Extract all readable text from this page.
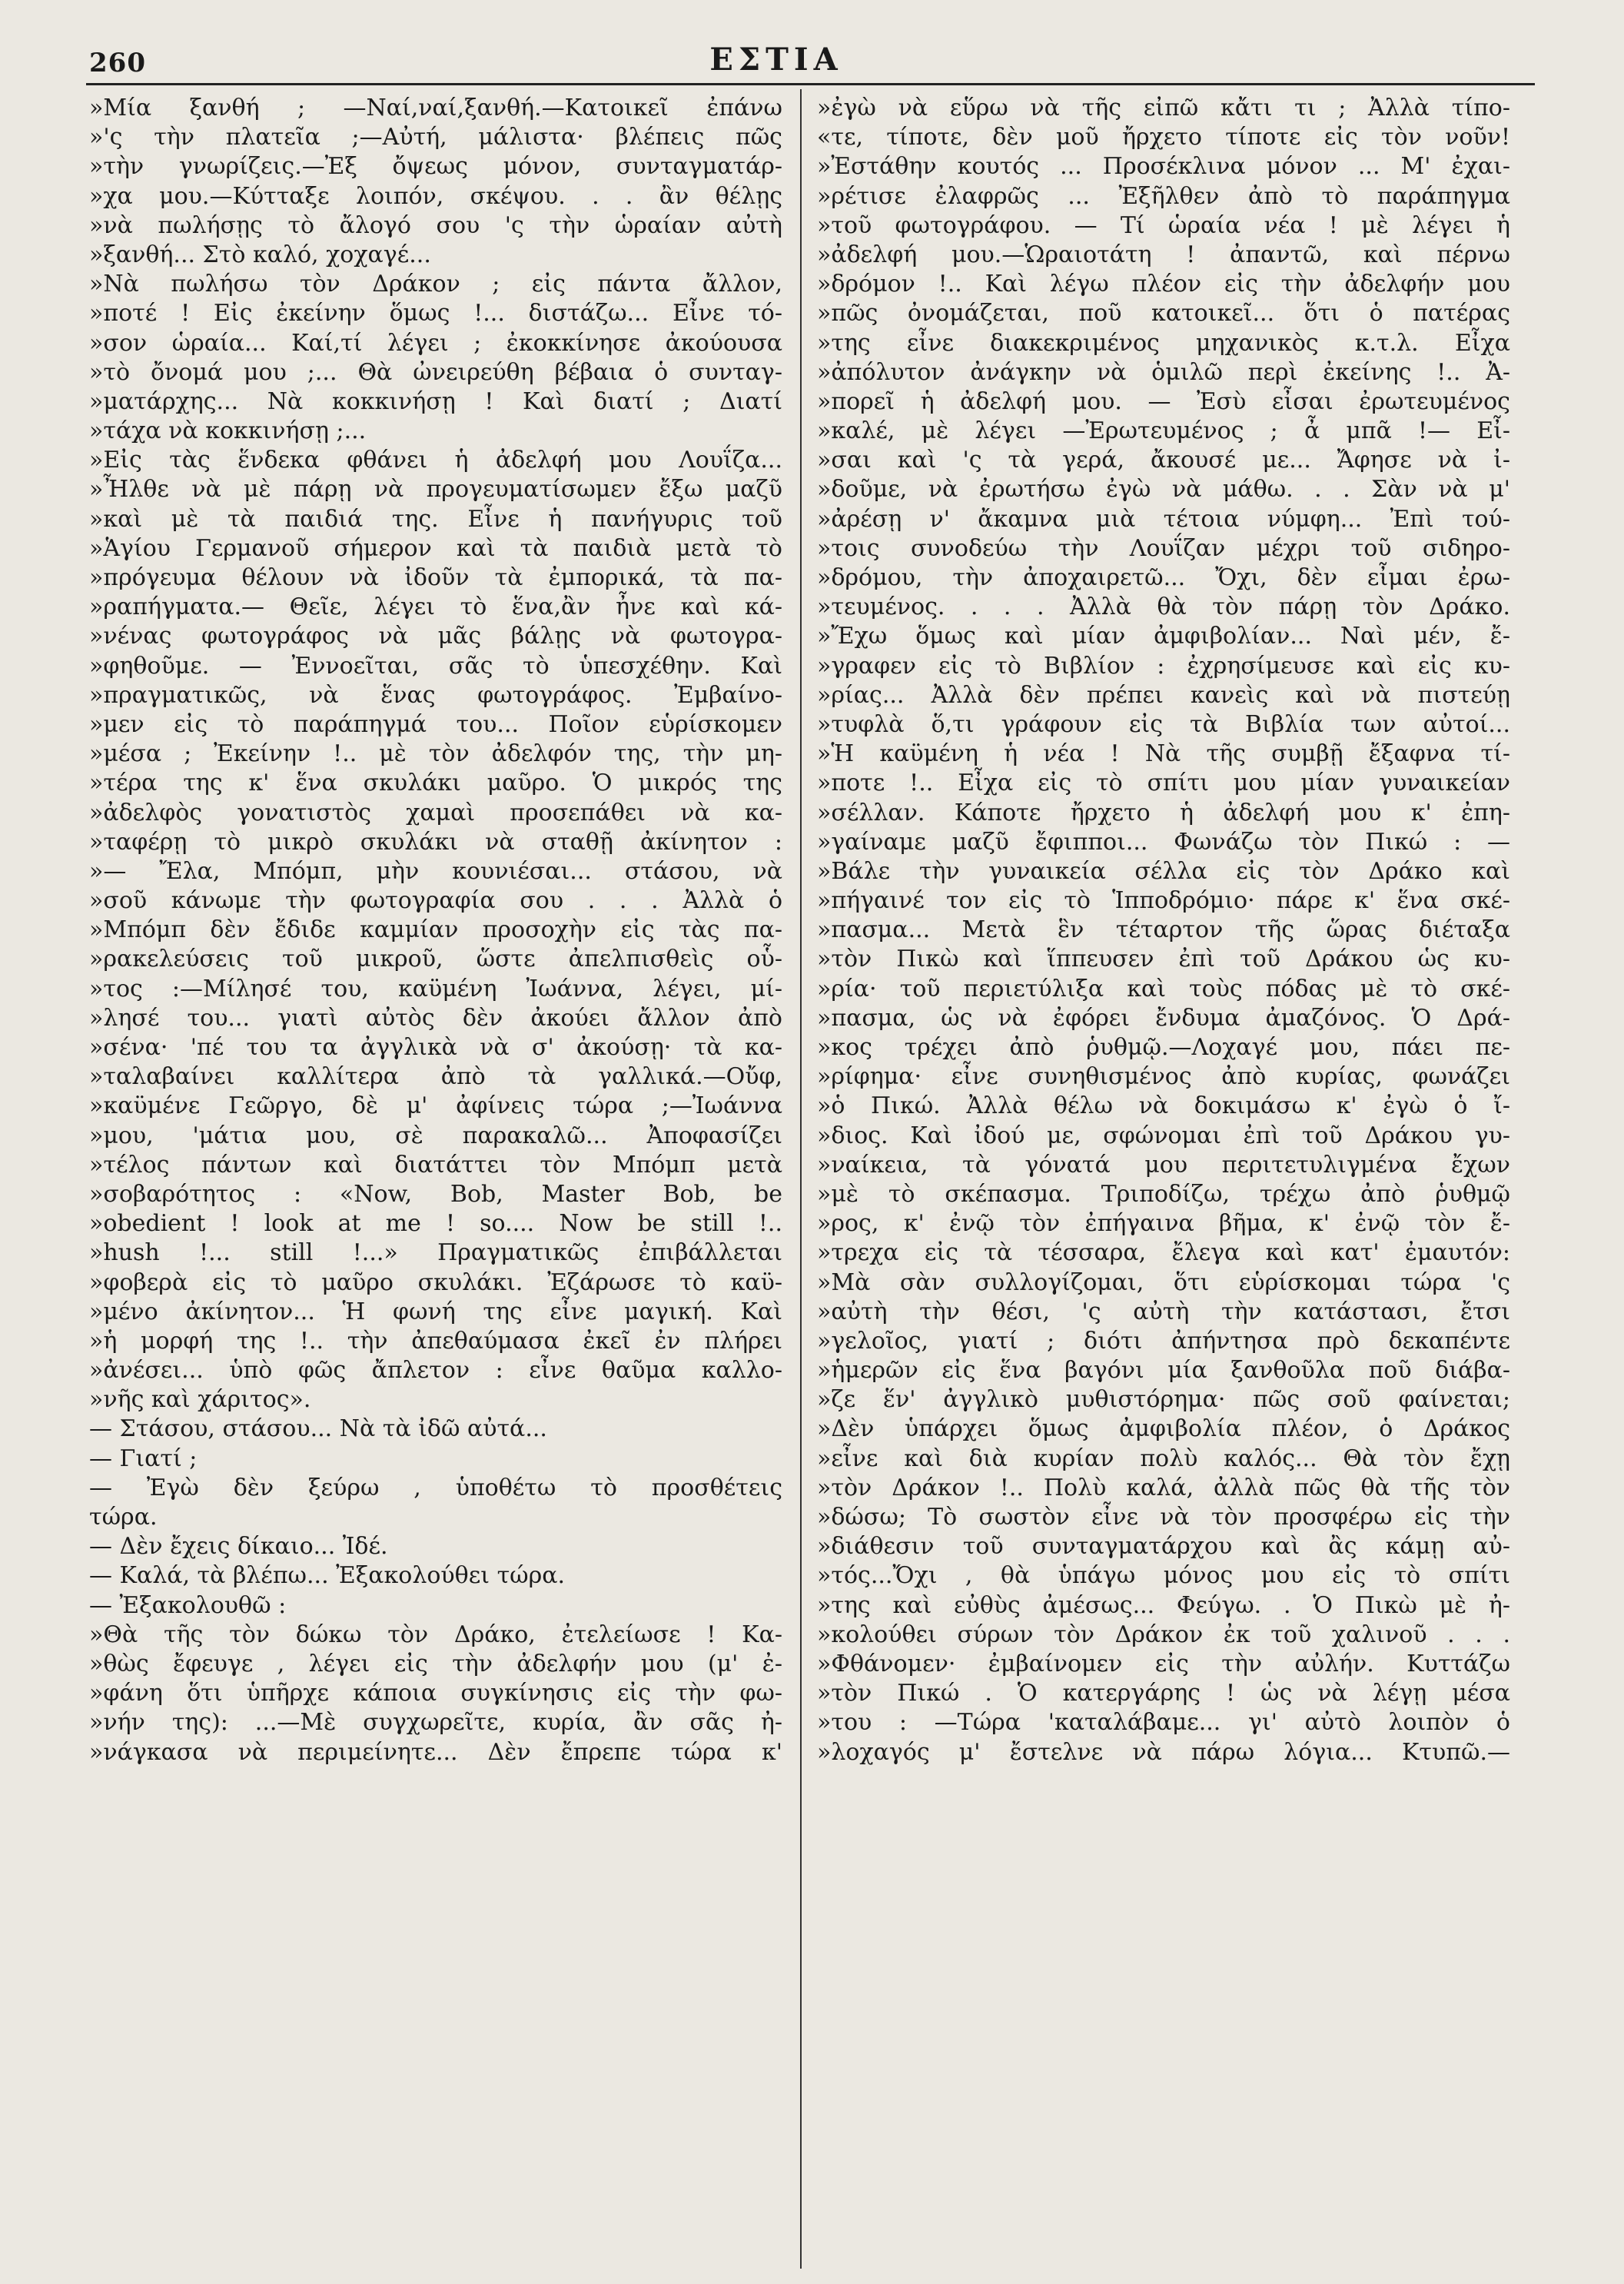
260	ΕΣΤΙΑ
»Μία ξανθή ; —Ναί,ναί,ξανθή.—Κατοικεῖ ἐπάνω
»'ς τὴν πλατεῖα ;—Αὐτή, μάλιστα· βλέπεις πῶς
»τὴν γνωρίζεις.—Ἐξ ὄψεως μόνον, συνταγματάρ-
»χα μου.—Κύτταξε λοιπόν, σκέψου. . . ἂν θέλῃς
»νὰ πωλήσῃς τὸ ἄλογό σου 'ς τὴν ὡραίαν αὐτὴ
»ξανθή... Στὸ καλό, χοχαγέ...
»Νὰ πωλήσω τὸν Δράκον ; εἰς πάντα ἄλλον,
»ποτέ ! Εἰς ἐκείνην ὅμως !... διστάζω... Εἶνε τό-
»σον ὡραία... Καί,τί λέγει ; ἐκοκκίνησε ἀκούουσα
»τὸ ὄνομά μου ;... Θὰ ὠνειρεύθη βέβαια ὁ συνταγ-
»ματάρχης... Νὰ κοκκινήσῃ ! Καὶ διατί ; Διατί
»τάχα νὰ κοκκινήσῃ ;...
»Εἰς τὰς ἕνδεκα φθάνει ἡ ἀδελφή μου Λουΐζα...
»Ἦλθε νὰ μὲ πάρῃ νὰ προγευματίσωμεν ἔξω μαζῦ
»καὶ μὲ τὰ παιδιά της. Εἶνε ἡ πανήγυρις τοῦ
»Ἁγίου Γερμανοῦ σήμερον καὶ τὰ παιδιὰ μετὰ τὸ
»πρόγευμα θέλουν νὰ ἰδοῦν τὰ ἐμπορικά, τὰ πα-
»ραπήγματα.— Θεῖε, λέγει τὸ ἕνα,ἂν ἦνε καὶ κά-
»νένας φωτογράφος νὰ μᾶς βάλῃς νὰ φωτογρα-
»φηθοῦμε. — Ἐννοεῖται, σᾶς τὸ ὑπεσχέθην. Καὶ
»πραγματικῶς, νὰ ἕνας φωτογράφος. Ἐμβαίνο-
»μεν εἰς τὸ παράπηγμά του... Ποῖον εὑρίσκομεν
»μέσα ; Ἐκείνην !.. μὲ τὸν ἀδελφόν της, τὴν μη-
»τέρα της κ' ἕνα σκυλάκι μαῦρο. Ὁ μικρός της
»ἀδελφὸς γονατιστὸς χαμαὶ προσεπάθει νὰ κα-
»ταφέρῃ τὸ μικρὸ σκυλάκι νὰ σταθῇ ἀκίνητον :
»— Ἔλα, Μπόμπ, μὴν κουνιέσαι... στάσου, νὰ
»σοῦ κάνωμε τὴν φωτογραφία σου . . . Ἀλλὰ ὁ
»Μπόμπ δὲν ἔδιδε καμμίαν προσοχὴν εἰς τὰς πα-
»ρακελεύσεις τοῦ μικροῦ, ὥστε ἀπελπισθεὶς οὗ-
»τος :—Μίλησέ του, καϋμένη Ἰωάννα, λέγει, μί-
»λησέ του... γιατὶ αὐτὸς δὲν ἀκούει ἄλλον ἀπὸ
»σένα· 'πέ του τα ἀγγλικὰ νὰ σ' ἀκούσῃ· τὰ κα-
»ταλαβαίνει καλλίτερα ἀπὸ τὰ γαλλικά.—Οὔφ,
»καϋμένε Γεῶργο, δὲ μ' ἀφίνεις τώρα ;—Ἰωάννα
»μου, 'μάτια μου, σὲ παρακαλῶ... Ἀποφασίζει
»τέλος πάντων καὶ διατάττει τὸν Μπόμπ μετὰ
»σοβαρότητος : «Now, Bob, Master Bob, be
»obedient ! look at me ! so.... Now be still !..
»hush !... still !...» Πραγματικῶς ἐπιβάλλεται
»φοβερὰ εἰς τὸ μαῦρο σκυλάκι. Ἐζάρωσε τὸ καϋ-
»μένο ἀκίνητον... Ἡ φωνή της εἶνε μαγική. Καὶ
»ἡ μορφή της !.. τὴν ἀπεθαύμασα ἐκεῖ ἐν πλήρει
»ἀνέσει... ὑπὸ φῶς ἄπλετον : εἶνε θαῦμα καλλο-
»νῆς καὶ χάριτος».
— Στάσου, στάσου... Νὰ τὰ ἰδῶ αὐτά...
— Γιατί ;
— Ἐγὼ δὲν ξεύρω , ὑποθέτω τὸ προσθέτεις
τώρα.
— Δὲν ἔχεις δίκαιο... Ἰδέ.
— Καλά, τὰ βλέπω... Ἐξακολούθει τώρα.
— Ἐξακολουθῶ :
»Θὰ τῆς τὸν δώκω τὸν Δράκο, ἐτελείωσε ! Κα-
»θὼς ἔφευγε , λέγει εἰς τὴν ἀδελφήν μου (μ' ἐ-
»φάνη ὅτι ὑπῆρχε κάποια συγκίνησις εἰς τὴν φω-
»νήν της): ...—Μὲ συγχωρεῖτε, κυρία, ἂν σᾶς ἠ-
»νάγκασα νὰ περιμείνητε... Δὲν ἔπρεπε τώρα κ'
»ἐγὼ νὰ εὕρω νὰ τῆς εἰπῶ κἄτι τι ; Ἀλλὰ τίπο-
«τε, τίποτε, δὲν μοῦ ἤρχετο τίποτε εἰς τὸν νοῦν!
»Ἐστάθην κουτός ... Προσέκλινα μόνον ... Μ' ἐχαι-
»ρέτισε ἐλαφρῶς ... Ἐξῆλθεν ἀπὸ τὸ παράπηγμα
»τοῦ φωτογράφου. — Τί ὡραία νέα ! μὲ λέγει ἡ
»ἀδελφή μου.—Ὡραιοτάτη ! ἀπαντῶ, καὶ πέρνω
»δρόμον !.. Καὶ λέγω πλέον εἰς τὴν ἀδελφήν μου
»πῶς ὀνομάζεται, ποῦ κατοικεῖ... ὅτι ὁ πατέρας
»της εἶνε διακεκριμένος μηχανικὸς κ.τ.λ. Εἶχα
»ἀπόλυτον ἀνάγκην νὰ ὁμιλῶ περὶ ἐκείνης !.. Ἀ-
»πορεῖ ἡ ἀδελφή μου. — Ἐσὺ εἶσαι ἐρωτευμένος
»καλέ, μὲ λέγει —Ἐρωτευμένος ; ἆ μπᾶ !— Εἶ-
»σαι καὶ 'ς τὰ γερά, ἄκουσέ με... Ἄφησε νὰ ἰ-
»δοῦμε, νὰ ἐρωτήσω ἐγὼ νὰ μάθω. . . Σὰν νὰ μ'
»ἀρέσῃ ν' ἄκαμνα μιὰ τέτοια νύμφη... Ἐπὶ τού-
»τοις συνοδεύω τὴν Λουΐζαν μέχρι τοῦ σιδηρο-
»δρόμου, τὴν ἀποχαιρετῶ... Ὄχι, δὲν εἶμαι ἐρω-
»τευμένος. . . . Ἀλλὰ θὰ τὸν πάρῃ τὸν Δράκο.
»Ἔχω ὅμως καὶ μίαν ἀμφιβολίαν... Ναὶ μέν, ἔ-
»γραφεν εἰς τὸ Βιβλίον : ἐχρησίμευσε καὶ εἰς κυ-
»ρίας... Ἀλλὰ δὲν πρέπει κανεὶς καὶ νὰ πιστεύῃ
»τυφλὰ ὅ,τι γράφουν εἰς τὰ Βιβλία των αὐτοί...
»Ἡ καϋμένη ἡ νέα ! Νὰ τῆς συμβῇ ἔξαφνα τί-
»ποτε !.. Εἶχα εἰς τὸ σπίτι μου μίαν γυναικείαν
»σέλλαν. Κάποτε ἤρχετο ἡ ἀδελφή μου κ' ἐπη-
»γαίναμε μαζῦ ἔφιπποι... Φωνάζω τὸν Πικώ : —
»Βάλε τὴν γυναικεία σέλλα εἰς τὸν Δράκο καὶ
»πήγαινέ τον εἰς τὸ Ἱπποδρόμιο· πάρε κ' ἕνα σκέ-
»πασμα... Μετὰ ἓν τέταρτον τῆς ὥρας διέταξα
»τὸν Πικὼ καὶ ἵππευσεν ἐπὶ τοῦ Δράκου ὡς κυ-
»ρία· τοῦ περιετύλιξα καὶ τοὺς πόδας μὲ τὸ σκέ-
»πασμα, ὡς νὰ ἐφόρει ἔνδυμα ἀμαζόνος. Ὁ Δρά-
»κος τρέχει ἀπὸ ῥυθμῷ.—Λοχαγέ μου, πάει πε-
»ρίφημα· εἶνε συνηθισμένος ἀπὸ κυρίας, φωνάζει
»ὁ Πικώ. Ἀλλὰ θέλω νὰ δοκιμάσω κ' ἐγὼ ὁ ἴ-
»διος. Καὶ ἰδού με, σφώνομαι ἐπὶ τοῦ Δράκου γυ-
»ναίκεια, τὰ γόνατά μου περιτετυλιγμένα ἔχων
»μὲ τὸ σκέπασμα. Τριποδίζω, τρέχω ἀπὸ ῥυθμῷ
»ρος, κ' ἐνῷ τὸν ἐπήγαινα βῆμα, κ' ἐνῷ τὸν ἔ-
»τρεχα εἰς τὰ τέσσαρα, ἔλεγα καὶ κατ' ἐμαυτόν:
»Μὰ σὰν συλλογίζομαι, ὅτι εὑρίσκομαι τώρα 'ς
»αὐτὴ τὴν θέσι, 'ς αὐτὴ τὴν κατάστασι, ἔτσι
»γελοῖος, γιατί ; διότι ἀπήντησα πρὸ δεκαπέντε
»ἡμερῶν εἰς ἕνα βαγόνι μία ξανθοῦλα ποῦ διάβα-
»ζε ἕν' ἀγγλικὸ μυθιστόρημα· πῶς σοῦ φαίνεται;
»Δὲν ὑπάρχει ὅμως ἀμφιβολία πλέον, ὁ Δράκος
»εἶνε καὶ διὰ κυρίαν πολὺ καλός... Θὰ τὸν ἔχῃ
»τὸν Δράκον !.. Πολὺ καλά, ἀλλὰ πῶς θὰ τῆς τὸν
»δώσω; Τὸ σωστὸν εἶνε νὰ τὸν προσφέρω εἰς τὴν
»διάθεσιν τοῦ συνταγματάρχου καὶ ἂς κάμῃ αὐ-
»τός...Ὄχι , θὰ ὑπάγω μόνος μου εἰς τὸ σπίτι
»της καὶ εὐθὺς ἀμέσως... Φεύγω. . Ὁ Πικὼ μὲ ἠ-
»κολούθει σύρων τὸν Δράκον ἐκ τοῦ χαλινοῦ . . .
»Φθάνομεν· ἐμβαίνομεν εἰς τὴν αὐλήν. Κυττάζω
»τὸν Πικώ . Ὁ κατεργάρης ! ὡς νὰ λέγῃ μέσα
»του : —Τώρα 'καταλάβαμε... γι' αὐτὸ λοιπὸν ὁ
»λοχαγός μ' ἔστελνε νὰ πάρω λόγια... Κτυπῶ.—
